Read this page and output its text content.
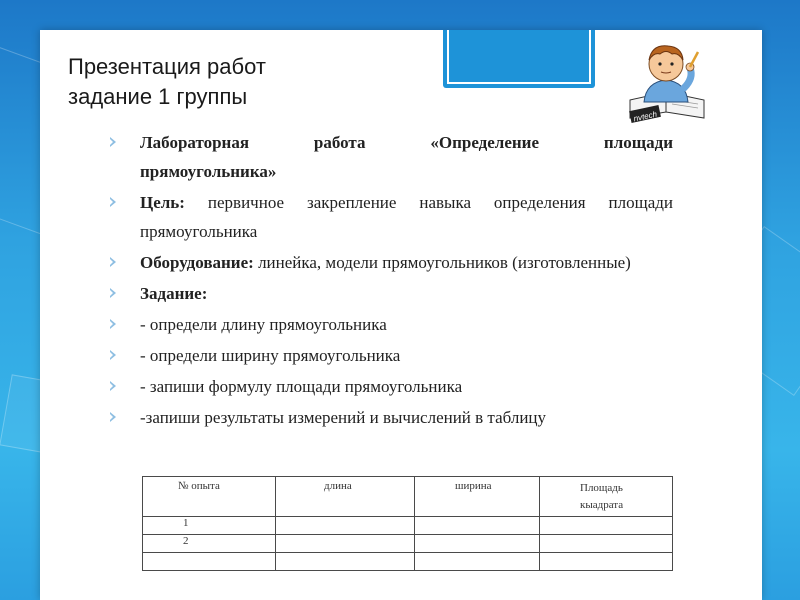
Презентация работ
задание 1 группы
nvtech
Лабораторная	работа	«Определение	площади
прямоугольника»
Цель: первичное закрепление навыка определения площади прямоугольника
Оборудование: линейка, модели прямоугольников (изготовленные)
Задание:
- определи длину прямоугольника
- определи ширину прямоугольника
- запиши формулу площади прямоугольника
-запиши результаты измерений и вычислений в таблицу
№ опыта	длина	ширина	Площадь
кыадрата
1			
2			
